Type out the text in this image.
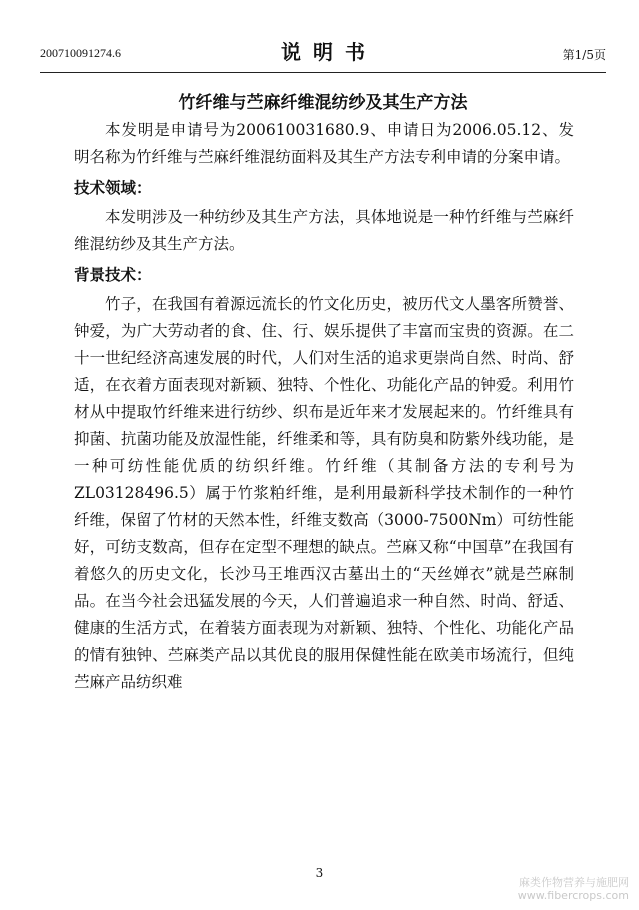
200710091274.6	说明书	第1/5页
竹纤维与苎麻纤维混纺纱及其生产方法

本发明是申请号为200610031680.9、申请日为2006.05.12、发明名称为竹纤维与苎麻纤维混纺面料及其生产方法专利申请的分案申请。

技术领域：

本发明涉及一种纺纱及其生产方法，具体地说是一种竹纤维与苎麻纤维混纺纱及其生产方法。

背景技术：

竹子，在我国有着源远流长的竹文化历史，被历代文人墨客所赞誉、钟爱，为广大劳动者的食、住、行、娱乐提供了丰富而宝贵的资源。在二十一世纪经济高速发展的时代，人们对生活的追求更崇尚自然、时尚、舒适，在衣着方面表现对新颖、独特、个性化、功能化产品的钟爱。利用竹材从中提取竹纤维来进行纺纱、织布是近年来才发展起来的。竹纤维具有抑菌、抗菌功能及放湿性能，纤维柔和等，具有防臭和防紫外线功能，是一种可纺性能优质的纺织纤维。竹纤维（其制备方法的专利号为ZL03128496.5）属于竹浆粕纤维，是利用最新科学技术制作的一种竹纤维，保留了竹材的天然本性，纤维支数高（3000-7500Nm）可纺性能好，可纺支数高，但存在定型不理想的缺点。苎麻又称“中国草”在我国有着悠久的历史文化，长沙马王堆西汉古墓出土的“天丝婵衣”就是苎麻制品。在当今社会迅猛发展的今天，人们普遍追求一种自然、时尚、舒适、健康的生活方式，在着装方面表现为对新颖、独特、个性化、功能化产品的情有独钟、苎麻类产品以其优良的服用保健性能在欧美市场流行，但纯苎麻产品纺织难

3
麻类作物营养与施肥网
www.fibercrops.com
